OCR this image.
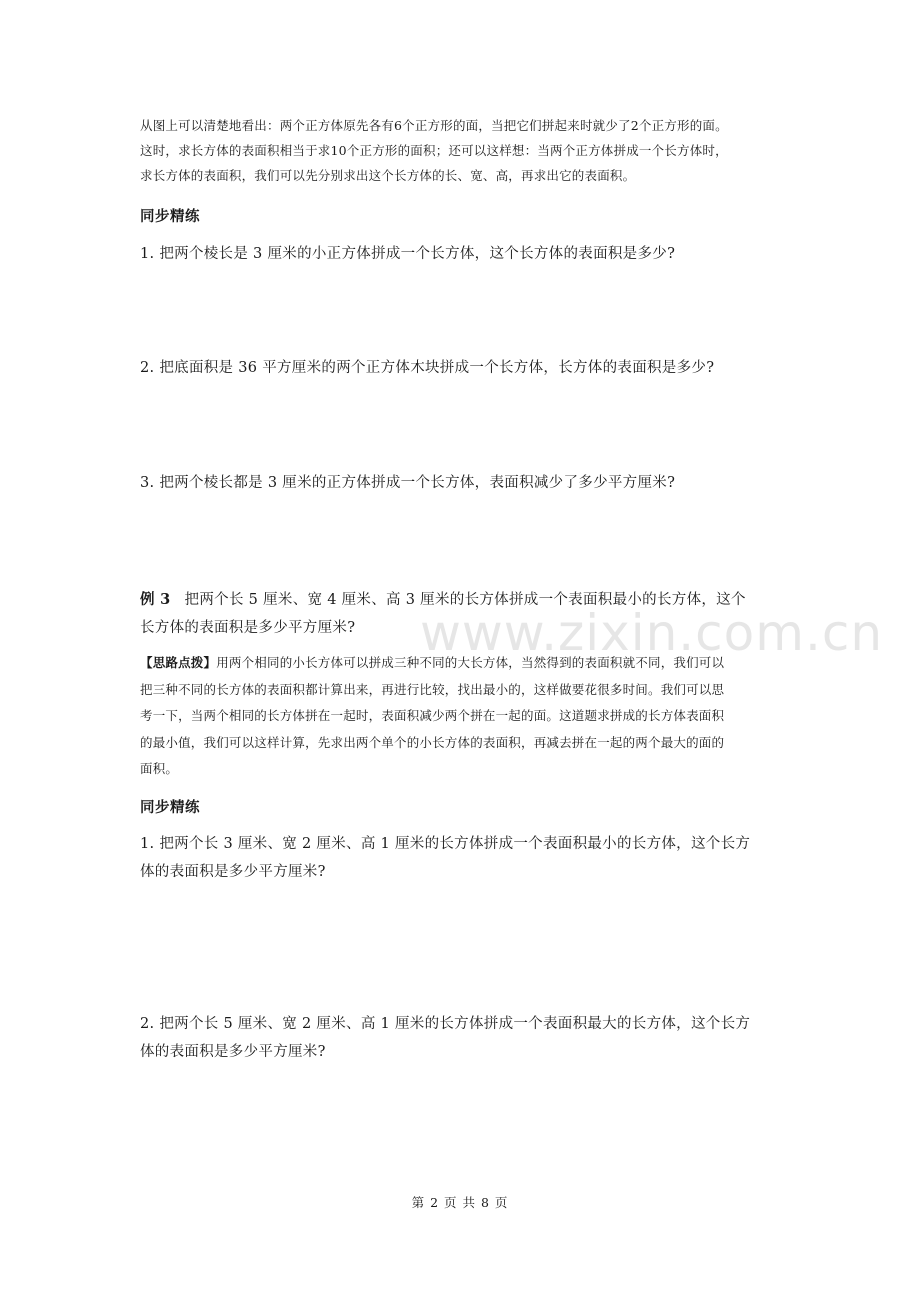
从图上可以清楚地看出：两个正方体原先各有6个正方形的面，当把它们拼起来时就少了2个正方形的面。

这时，求长方体的表面积相当于求10个正方形的面积；还可以这样想：当两个正方体拼成一个长方体时，

求长方体的表面积，我们可以先分别求出这个长方体的长、宽、高，再求出它的表面积。

同步精练
1. 把两个棱长是 3 厘米的小正方体拼成一个长方体，这个长方体的表面积是多少?
2. 把底面积是 36 平方厘米的两个正方体木块拼成一个长方体，长方体的表面积是多少?
3. 把两个棱长都是 3 厘米的正方体拼成一个长方体，表面积减少了多少平方厘米?
www.zixin.com.cn

例 3 把两个长 5 厘米、宽 4 厘米、高 3 厘米的长方体拼成一个表面积最小的长方体，这个

长方体的表面积是多少平方厘米?

【思路点拨】用两个相同的小长方体可以拼成三种不同的大长方体，当然得到的表面积就不同，我们可以
把三种不同的长方体的表面积都计算出来，再进行比较，找出最小的，这样做要花很多时间。我们可以思
考一下，当两个相同的长方体拼在一起时，表面积减少两个拼在一起的面。这道题求拼成的长方体表面积
的最小值，我们可以这样计算，先求出两个单个的小长方体的表面积，再减去拼在一起的两个最大的面的
面积。
同步精练

1. 把两个长 3 厘米、宽 2 厘米、高 1 厘米的长方体拼成一个表面积最小的长方体，这个长方

体的表面积是多少平方厘米?

2. 把两个长 5 厘米、宽 2 厘米、高 1 厘米的长方体拼成一个表面积最大的长方体，这个长方

体的表面积是多少平方厘米?

第 2 页 共 8 页
